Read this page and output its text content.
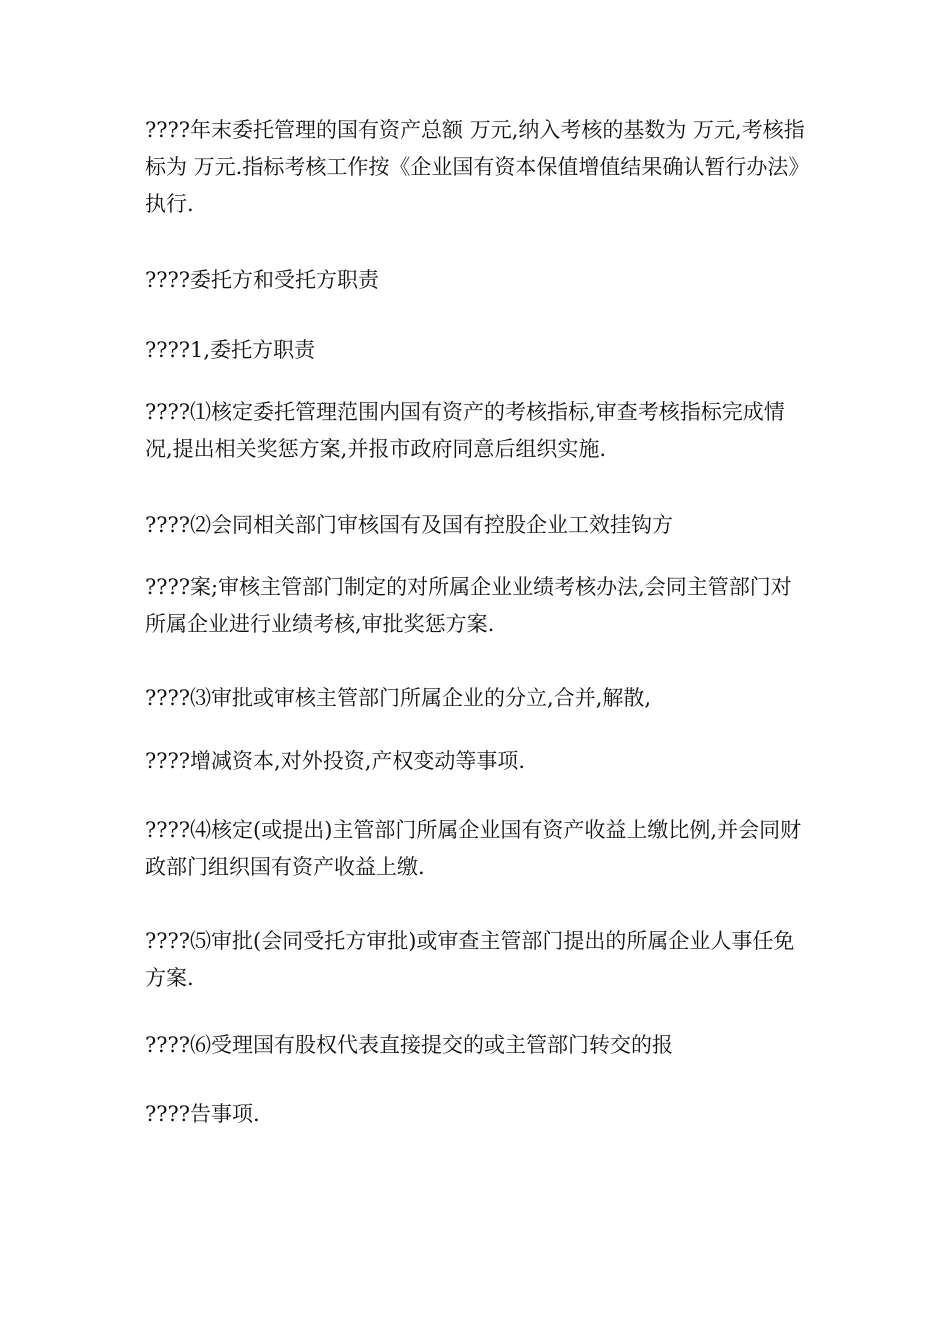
????年末委托管理的国有资产总额 万元,纳入考核的基数为 万元,考核指标为 万元.指标考核工作按《企业国有资本保值增值结果确认暂行办法》执行.

????委托方和受托方职责

????1,委托方职责

????⑴核定委托管理范围内国有资产的考核指标,审查考核指标完成情况,提出相关奖惩方案,并报市政府同意后组织实施.

????⑵会同相关部门审核国有及国有控股企业工效挂钩方

????案;审核主管部门制定的对所属企业业绩考核办法,会同主管部门对所属企业进行业绩考核,审批奖惩方案.

????⑶审批或审核主管部门所属企业的分立,合并,解散,

????增减资本,对外投资,产权变动等事项.

????⑷核定(或提出)主管部门所属企业国有资产收益上缴比例,并会同财政部门组织国有资产收益上缴.

????⑸审批(会同受托方审批)或审查主管部门提出的所属企业人事任免方案.

????⑹受理国有股权代表直接提交的或主管部门转交的报

????告事项.
